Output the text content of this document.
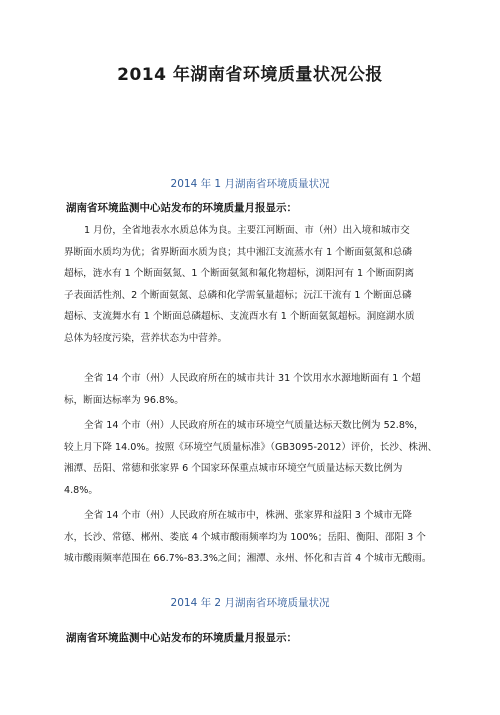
2014 年湖南省环境质量状况公报
2014 年 1 月湖南省环境质量状况
湖南省环境监测中心站发布的环境质量月报显示：
1 月份，全省地表水水质总体为良。主要江河断面、市（州）出入境和城市交
界断面水质均为优；省界断面水质为良；其中湘江支流蒸水有 1 个断面氨氮和总磷
超标，涟水有 1 个断面氨氮、1 个断面氨氮和氟化物超标，浏阳河有 1 个断面阴离
子表面活性剂、2 个断面氨氮、总磷和化学需氧量超标；沅江干流有 1 个断面总磷
超标、支流舞水有 1 个断面总磷超标、支流酉水有 1 个断面氨氮超标。洞庭湖水质
总体为轻度污染，营养状态为中营养。
全省 14 个市（州）人民政府所在的城市共计 31 个饮用水水源地断面有 1 个超
标，断面达标率为 96.8%。
全省 14 个市（州）人民政府所在的城市环境空气质量达标天数比例为 52.8%，
较上月下降 14.0%。按照《环境空气质量标准》（GB3095-2012）评价，长沙、株洲、
湘潭、岳阳、常德和张家界 6 个国家环保重点城市环境空气质量达标天数比例为
4.8%。
全省 14 个市（州）人民政府所在城市中，株洲、张家界和益阳 3 个城市无降
水，长沙、常德、郴州、娄底 4 个城市酸雨频率均为 100%；岳阳、衡阳、邵阳 3 个
城市酸雨频率范围在 66.7%-83.3%之间；湘潭、永州、怀化和吉首 4 个城市无酸雨。
2014 年 2 月湖南省环境质量状况
湖南省环境监测中心站发布的环境质量月报显示：
